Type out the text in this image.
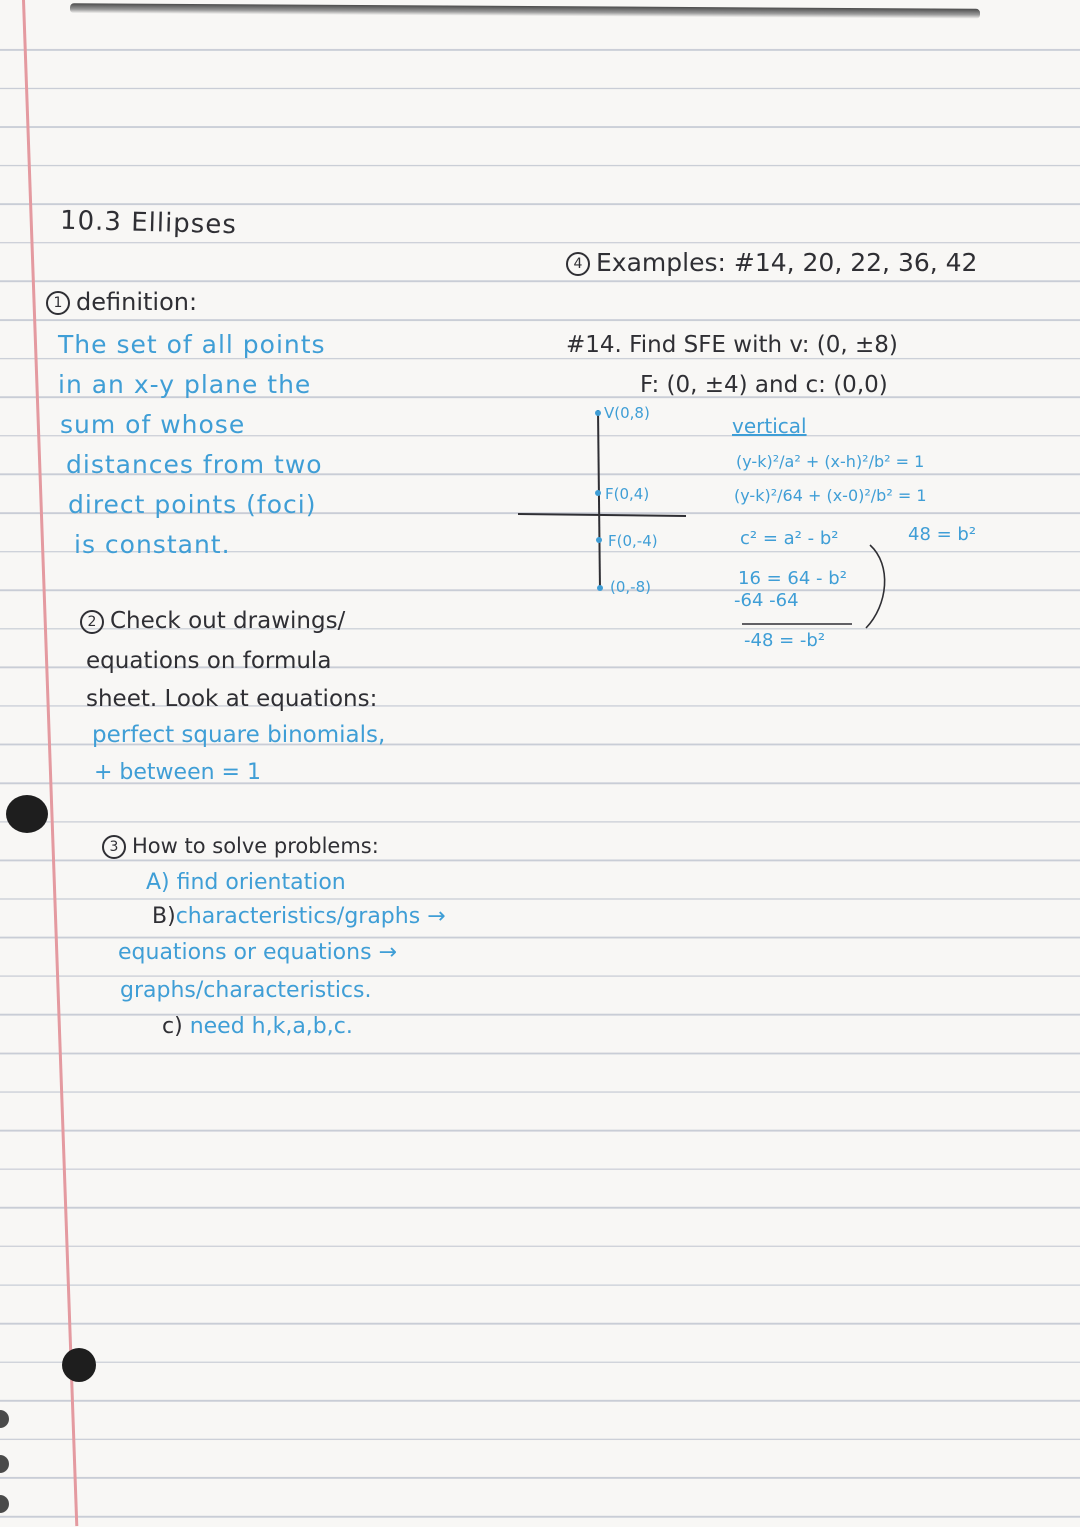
10.3 Ellipses
1 definition:
The set of all points
in an x-y plane the
sum of whose
distances from two
direct points (foci)
is constant.
2 Check out drawings/
equations on formula
sheet. Look at equations:
perfect square binomials,
+ between = 1
3 How to solve problems:
A) find orientation
B)characteristics/graphs →
equations or equations →
graphs/characteristics.
c) need h,k,a,b,c.
4 Examples: #14, 20, 22, 36, 42
#14. Find SFE with v: (0, ±8)
F: (0, ±4) and c: (0,0)
V(0,8)
F(0,4)
F(0,-4)
(0,-8)
vertical
(y-k)²/a² + (x-h)²/b² = 1
(y-k)²/64 + (x-0)²/b² = 1
c² = a² - b²	48 = b²
16 = 64 - b²
-64 -64
-48 = -b²
